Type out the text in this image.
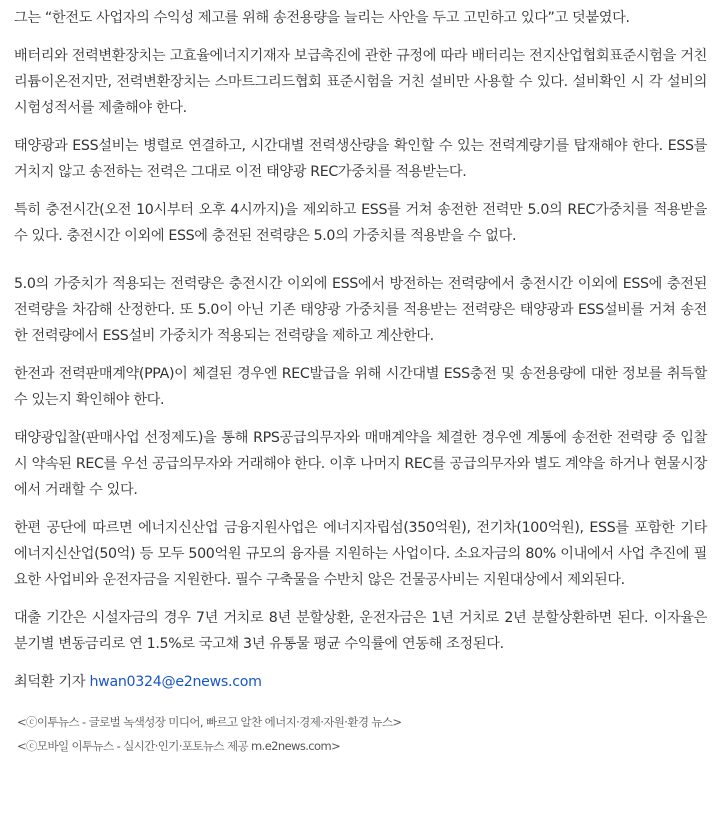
그는 “한전도 사업자의 수익성 제고를 위해 송전용량을 늘리는 사안을 두고 고민하고 있다”고 덧붙였다.

배터리와 전력변환장치는 고효율에너지기재자 보급촉진에 관한 규정에 따라 배터리는 전지산업협회표준시험을 거친 리튬이온전지만, 전력변환장치는 스마트그리드협회 표준시험을 거친 설비만 사용할 수 있다. 설비확인 시 각 설비의 시험성적서를 제출해야 한다.

태양광과 ESS설비는 병렬로 연결하고, 시간대별 전력생산량을 확인할 수 있는 전력계량기를 탑재해야 한다. ESS를 거치지 않고 송전하는 전력은 그대로 이전 태양광 REC가중치를 적용받는다.

특히 충전시간(오전 10시부터 오후 4시까지)을 제외하고 ESS를 거쳐 송전한 전력만 5.0의 REC가중치를 적용받을 수 있다. 충전시간 이외에 ESS에 충전된 전력량은 5.0의 가중치를 적용받을 수 없다.

5.0의 가중치가 적용되는 전력량은 충전시간 이외에 ESS에서 방전하는 전력량에서 충전시간 이외에 ESS에 충전된 전력량을 차감해 산정한다. 또 5.0이 아닌 기존 태양광 가중치를 적용받는 전력량은 태양광과 ESS설비를 거쳐 송전한 전력량에서 ESS설비 가중치가 적용되는 전력량을 제하고 계산한다.

한전과 전력판매계약(PPA)이 체결된 경우엔 REC발급을 위해 시간대별 ESS충전 및 송전용량에 대한 정보를 취득할 수 있는지 확인해야 한다.

태양광입찰(판매사업 선정제도)을 통해 RPS공급의무자와 매매계약을 체결한 경우엔 계통에 송전한 전력량 중 입찰시 약속된 REC를 우선 공급의무자와 거래해야 한다. 이후 나머지 REC를 공급의무자와 별도 계약을 하거나 현물시장에서 거래할 수 있다.

한편 공단에 따르면 에너지신산업 금융지원사업은 에너지자립섬(350억원), 전기차(100억원), ESS를 포함한 기타 에너지신산업(50억) 등 모두 500억원 규모의 융자를 지원하는 사업이다. 소요자금의 80% 이내에서 사업 추진에 필요한 사업비와 운전자금을 지원한다. 필수 구축물을 수반치 않은 건물공사비는 지원대상에서 제외된다.

대출 기간은 시설자금의 경우 7년 거치로 8년 분할상환, 운전자금은 1년 거치로 2년 분할상환하면 된다. 이자율은 분기별 변동금리로 연 1.5%로 국고채 3년 유통물 평균 수익률에 연동해 조정된다.

최덕환 기자 hwan0324@e2news.com

<ⓒ이투뉴스 - 글로벌 녹색성장 미디어, 빠르고 알찬 에너지·경제·자원·환경 뉴스>
<ⓒ모바일 이투뉴스 - 실시간·인기·포토뉴스 제공 m.e2news.com>
